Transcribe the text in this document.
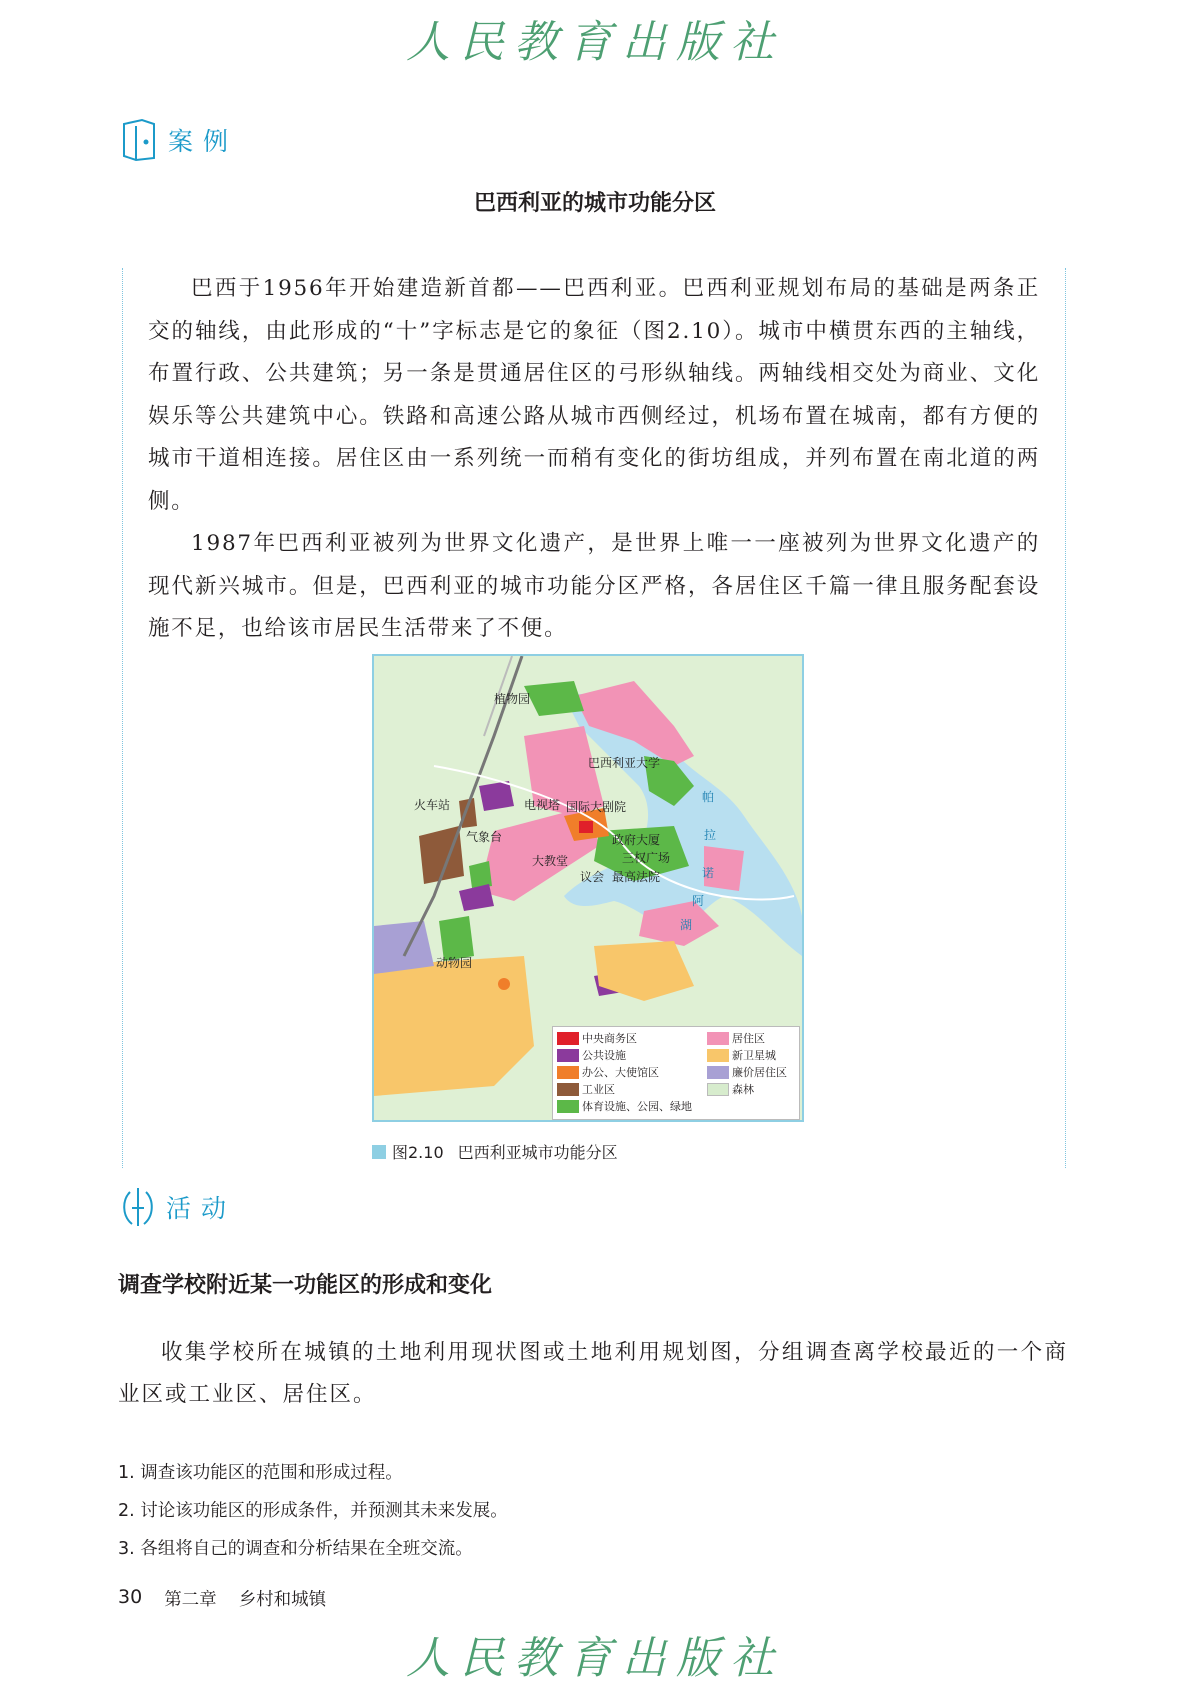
人民教育出版社
案例
巴西利亚的城市功能分区

巴西于1956年开始建造新首都——巴西利亚。巴西利亚规划布局的基础是两条正交的轴线，由此形成的“十”字标志是它的象征（图2.10）。城市中横贯东西的主轴线，布置行政、公共建筑；另一条是贯通居住区的弓形纵轴线。两轴线相交处为商业、文化娱乐等公共建筑中心。铁路和高速公路从城市西侧经过，机场布置在城南，都有方便的城市干道相连接。居住区由一系列统一而稍有变化的街坊组成，并列布置在南北道的两侧。

1987年巴西利亚被列为世界文化遗产，是世界上唯一一座被列为世界文化遗产的现代新兴城市。但是，巴西利亚的城市功能分区严格，各居住区千篇一律且服务配套设施不足，也给该市居民生活带来了不便。

植物园
巴西利亚大学
火车站	电视塔 国际大剧院
气象台	政府大厦
三权广场
大教堂
议会 最高法院
动物园
帕
拉
诺
阿
湖
中央商务区
公共设施
办公、大使馆区
工业区
体育设施、公园、绿地
居住区
新卫星城
廉价居住区
森林
图2.10 巴西利亚城市功能分区
活动
调查学校附近某一功能区的形成和变化

收集学校所在城镇的土地利用现状图或土地利用规划图，分组调查离学校最近的一个商业区或工业区、居住区。

1. 调查该功能区的范围和形成过程。
2. 讨论该功能区的形成条件，并预测其未来发展。
3. 各组将自己的调查和分析结果在全班交流。
30 第二章 乡村和城镇
人民教育出版社
